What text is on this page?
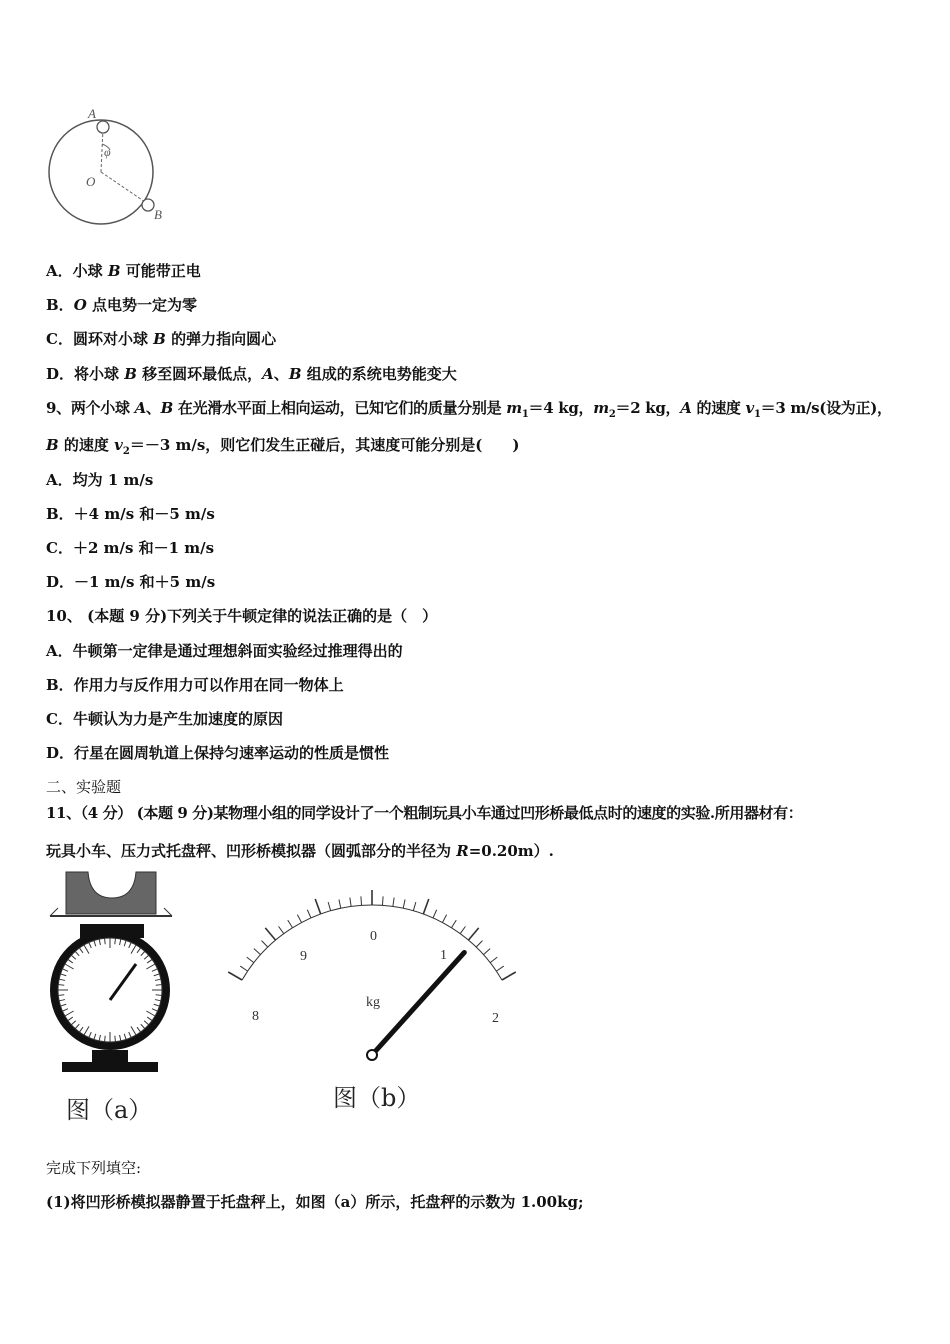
A
φ
O
B
A．小球 B 可能带正电
B．O 点电势一定为零
C．圆环对小球 B 的弹力指向圆心
D．将小球 B 移至圆环最低点，A、B 组成的系统电势能变大
9、两个小球 A、B 在光滑水平面上相向运动，已知它们的质量分别是 $m_1=4$ kg，$m_2=2$ kg，A 的速度 $v_1=3$ m/s(设为正)，
B 的速度 $v_2=-3$ m/s，则它们发生正碰后，其速度可能分别是(　　)
A．均为 1 m/s
B．＋4 m/s 和－5 m/s
C．＋2 m/s 和－1 m/s
D．－1 m/s 和＋5 m/s
10、 (本题 9 分)下列关于牛顿定律的说法正确的是（　）
A．牛顿第一定律是通过理想斜面实验经过推理得出的
B．作用力与反作用力可以作用在同一物体上
C．牛顿认为力是产生加速度的原因
D．行星在圆周轨道上保持匀速率运动的性质是惯性
二、实验题
11、（4 分） (本题 9 分)某物理小组的同学设计了一个粗制玩具小车通过凹形桥最低点时的速度的实验.所用器材有：
玩具小车、压力式托盘秤、凹形桥模拟器（圆弧部分的半径为 R=0.20m）.
图（a）
0
1
2
8
9
kg
图（b）
完成下列填空:
(1)将凹形桥模拟器静置于托盘秤上，如图（a）所示，托盘秤的示数为 1.00kg;
